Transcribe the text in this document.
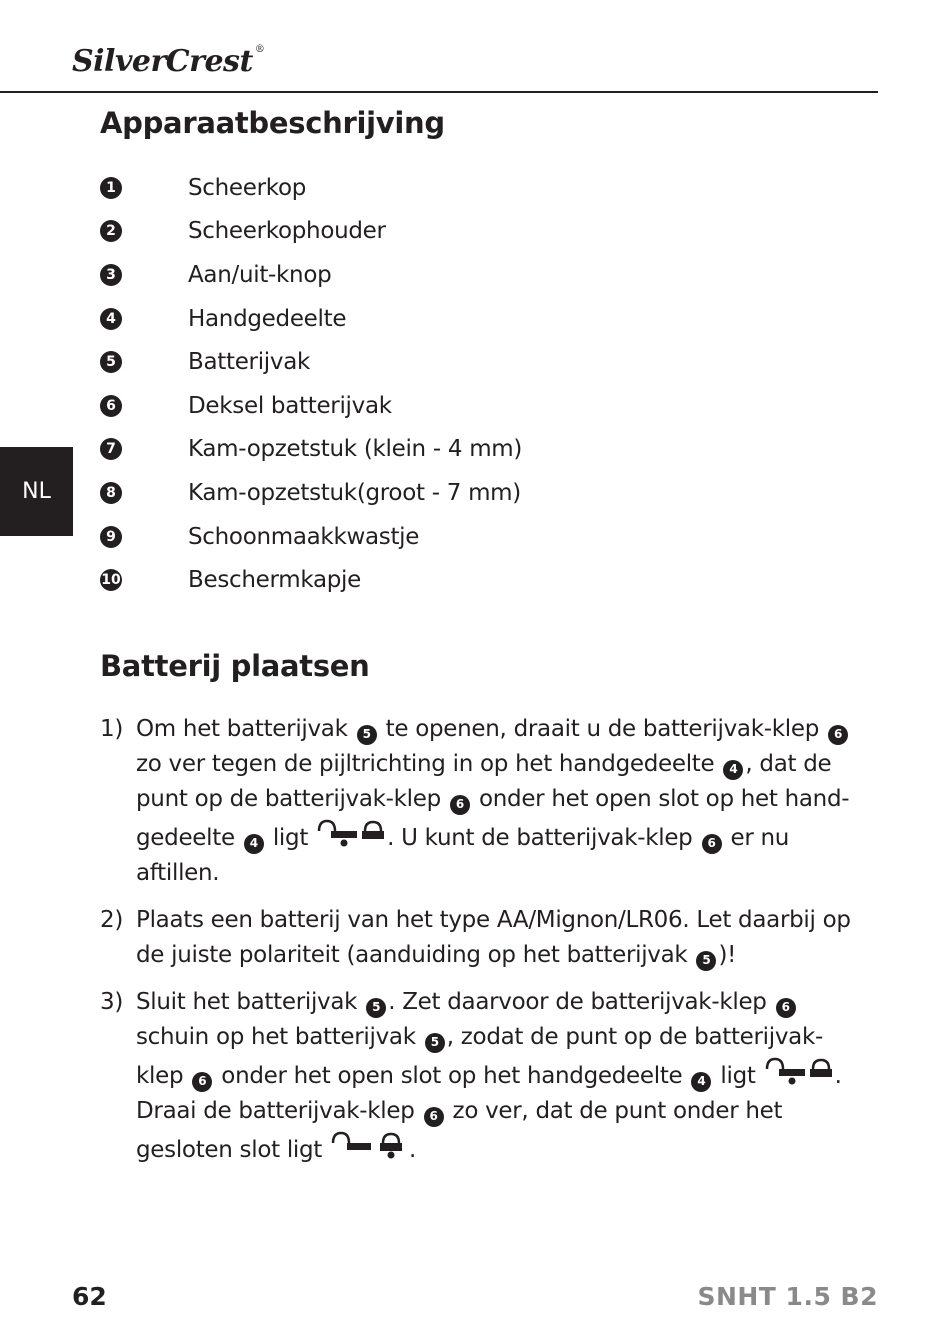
SilverCrest ®
NL
Apparaatbeschrijving
1	Scheerkop
2	Scheerkophouder
3	Aan/uit-knop
4	Handgedeelte
5	Batterijvak
6	Deksel batterijvak
7	Kam-opzetstuk (klein - 4 mm)
8	Kam-opzetstuk(groot - 7 mm)
9	Schoonmaakkwastje
10	Beschermkapje
Batterij plaatsen
1) Om het batterijvak 5 te openen, draait u de batterijvak-klep 6 zo ver tegen de pijltrichting in op het handgedeelte 4 , dat de punt op de batterijvak-klep 6 onder het open slot op het hand-gedeelte 4 ligt	. U kunt de batterijvak-klep 6 er nu aftillen.
2) Plaats een batterij van het type AA/Mignon/LR06. Let daarbij op de juiste polariteit (aanduiding op het batterijvak 5 )!
3) Sluit het batterijvak 5 . Zet daarvoor de batterijvak-klep 6 schuin op het batterijvak 5 , zodat de punt op de batterijvak-klep 6 onder het open slot op het handgedeelte 4 ligt	. Draai de batterijvak-klep 6 zo ver, dat de punt onder het gesloten slot ligt	.
62	SNHT 1.5 B2
